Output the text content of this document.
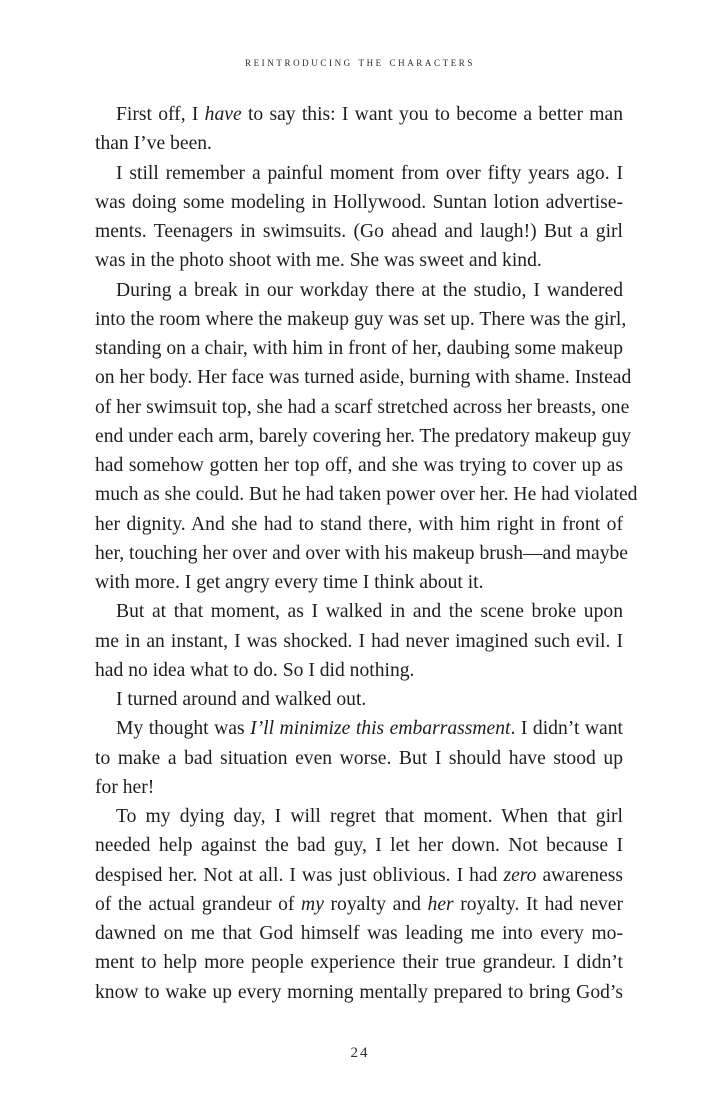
reintroducing the characters
First off, I have to say this: I want you to become a better man
than I’ve been.
I still remember a painful moment from over fifty years ago. I
was doing some modeling in Hollywood. Suntan lotion advertise-
ments. Teenagers in swimsuits. (Go ahead and laugh!) But a girl
was in the photo shoot with me. She was sweet and kind.
During a break in our workday there at the studio, I wandered
into the room where the makeup guy was set up. There was the girl,
standing on a chair, with him in front of her, daubing some makeup
on her body. Her face was turned aside, burning with shame. Instead
of her swimsuit top, she had a scarf stretched across her breasts, one
end under each arm, barely covering her. The predatory makeup guy
had somehow gotten her top off, and she was trying to cover up as
much as she could. But he had taken power over her. He had violated
her dignity. And she had to stand there, with him right in front of
her, touching her over and over with his makeup brush—and maybe
with more. I get angry every time I think about it.
But at that moment, as I walked in and the scene broke upon
me in an instant, I was shocked. I had never imagined such evil. I
had no idea what to do. So I did nothing.
I turned around and walked out.
My thought was I’ll minimize this embarrassment. I didn’t want
to make a bad situation even worse. But I should have stood up
for her!
To my dying day, I will regret that moment. When that girl
needed help against the bad guy, I let her down. Not because I
despised her. Not at all. I was just oblivious. I had zero awareness
of the actual grandeur of my royalty and her royalty. It had never
dawned on me that God himself was leading me into every mo-
ment to help more people experience their true grandeur. I didn’t
know to wake up every morning mentally prepared to bring God’s
24
